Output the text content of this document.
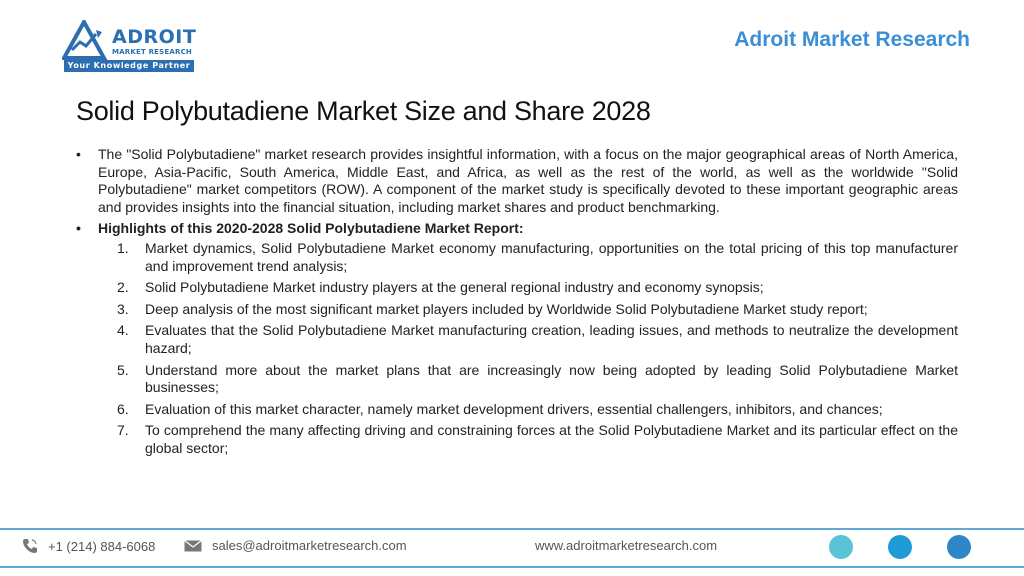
ADROIT
MARKET RESEARCH
Your Knowledge Partner
Adroit Market Research
Solid Polybutadiene Market Size and Share 2028
• The "Solid Polybutadiene" market research provides insightful information, with a focus on the major geographical areas of North America, Europe, Asia-Pacific, South America, Middle East, and Africa, as well as the rest of the world, as well as the worldwide "Solid Polybutadiene" market competitors (ROW). A component of the market study is specifically devoted to these important geographic areas and provides insights into the financial situation, including market shares and product benchmarking.
• Highlights of this 2020-2028 Solid Polybutadiene Market Report:
1. Market dynamics, Solid Polybutadiene Market economy manufacturing, opportunities on the total pricing of this top manufacturer and improvement trend analysis;
2. Solid Polybutadiene Market industry players at the general regional industry and economy synopsis;
3. Deep analysis of the most significant market players included by Worldwide Solid Polybutadiene Market study report;
4. Evaluates that the Solid Polybutadiene Market manufacturing creation, leading issues, and methods to neutralize the development hazard;
5. Understand more about the market plans that are increasingly now being adopted by leading Solid Polybutadiene Market businesses;
6. Evaluation of this market character, namely market development drivers, essential challengers, inhibitors, and chances;
7. To comprehend the many affecting driving and constraining forces at the Solid Polybutadiene Market and its particular effect on the global sector;
+1 (214) 884-6068	sales@adroitmarketresearch.com	www.adroitmarketresearch.com
